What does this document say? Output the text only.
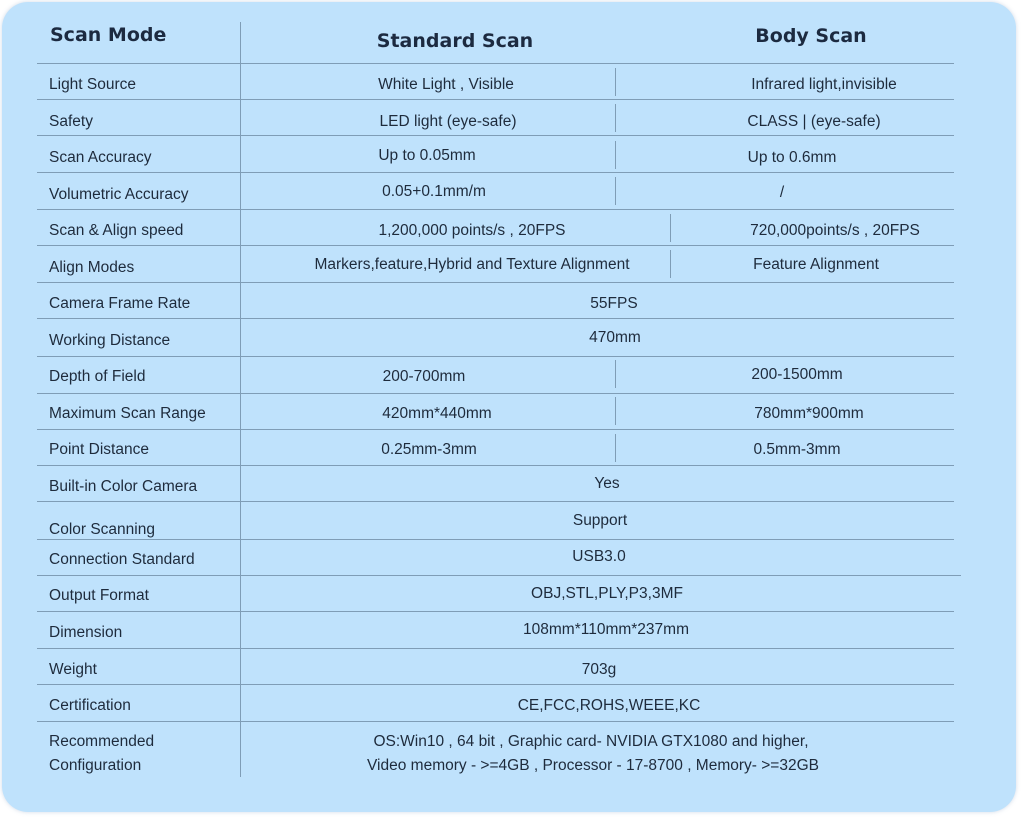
Scan Mode	Standard Scan	Body Scan
Light Source
Safety
Scan Accuracy
Volumetric Accuracy
Scan & Align speed
Align Modes
Camera Frame Rate
Working Distance
Depth of Field
Maximum Scan Range
Point Distance
Built-in Color Camera
Color Scanning
Connection Standard
Output Format
Dimension
Weight
Certification
Recommended
Configuration
White Light , Visible
LED light (eye-safe)
Up to 0.05mm
0.05+0.1mm/m
1,200,000 points/s , 20FPS
Markers,feature,Hybrid and Texture Alignment
200-700mm
420mm*440mm
0.25mm-3mm
Infrared light,invisible
CLASS | (eye-safe)
Up to 0.6mm
/
720,000points/s , 20FPS
Feature Alignment
200-1500mm
780mm*900mm
0.5mm-3mm
55FPS
470mm
Yes
Support
USB3.0
OBJ,STL,PLY,P3,3MF
108mm*110mm*237mm
703g
CE,FCC,ROHS,WEEE,KC
OS:Win10 , 64 bit , Graphic card- NVIDIA GTX1080 and higher,
Video memory - >=4GB , Processor - 17-8700 , Memory- >=32GB
